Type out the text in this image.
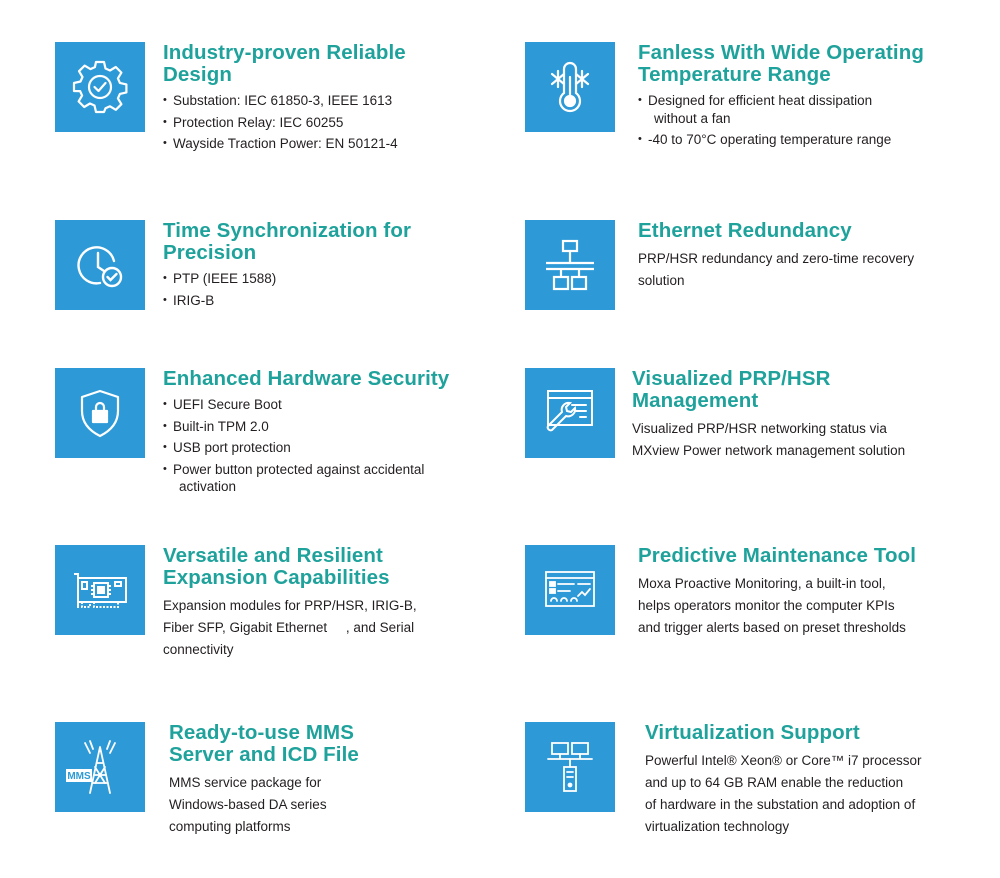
Industry-proven Reliable
Design
• Substation: IEC 61850-3, IEEE 1613
• Protection Relay: IEC 60255
• Wayside Traction Power: EN 50121-4
Fanless With Wide Operating
Temperature Range
• Designed for efficient heat dissipation
without a fan
• -40 to 70°C operating temperature range
Time Synchronization for
Precision
• PTP (IEEE 1588)
• IRIG-B
Ethernet Redundancy
PRP/HSR redundancy and zero-time recovery
solution
Enhanced Hardware Security
• UEFI Secure Boot
• Built-in TPM 2.0
• USB port protection
• Power button protected against accidental
activation
Visualized PRP/HSR
Management
Visualized PRP/HSR networking status via
MXview Power network management solution
Versatile and Resilient
Expansion Capabilities
Expansion modules for PRP/HSR, IRIG-B,
Fiber SFP, Gigabit Ethernet     , and Serial
connectivity
Predictive Maintenance Tool
Moxa Proactive Monitoring, a built-in tool,
helps operators monitor the computer KPIs
and trigger alerts based on preset thresholds
MMS
Ready-to-use MMS
Server and ICD File
MMS service package for
Windows-based DA series
computing platforms
Virtualization Support
Powerful Intel® Xeon® or Core™ i7 processor
and up to 64 GB RAM enable the reduction
of hardware in the substation and adoption of
virtualization technology
